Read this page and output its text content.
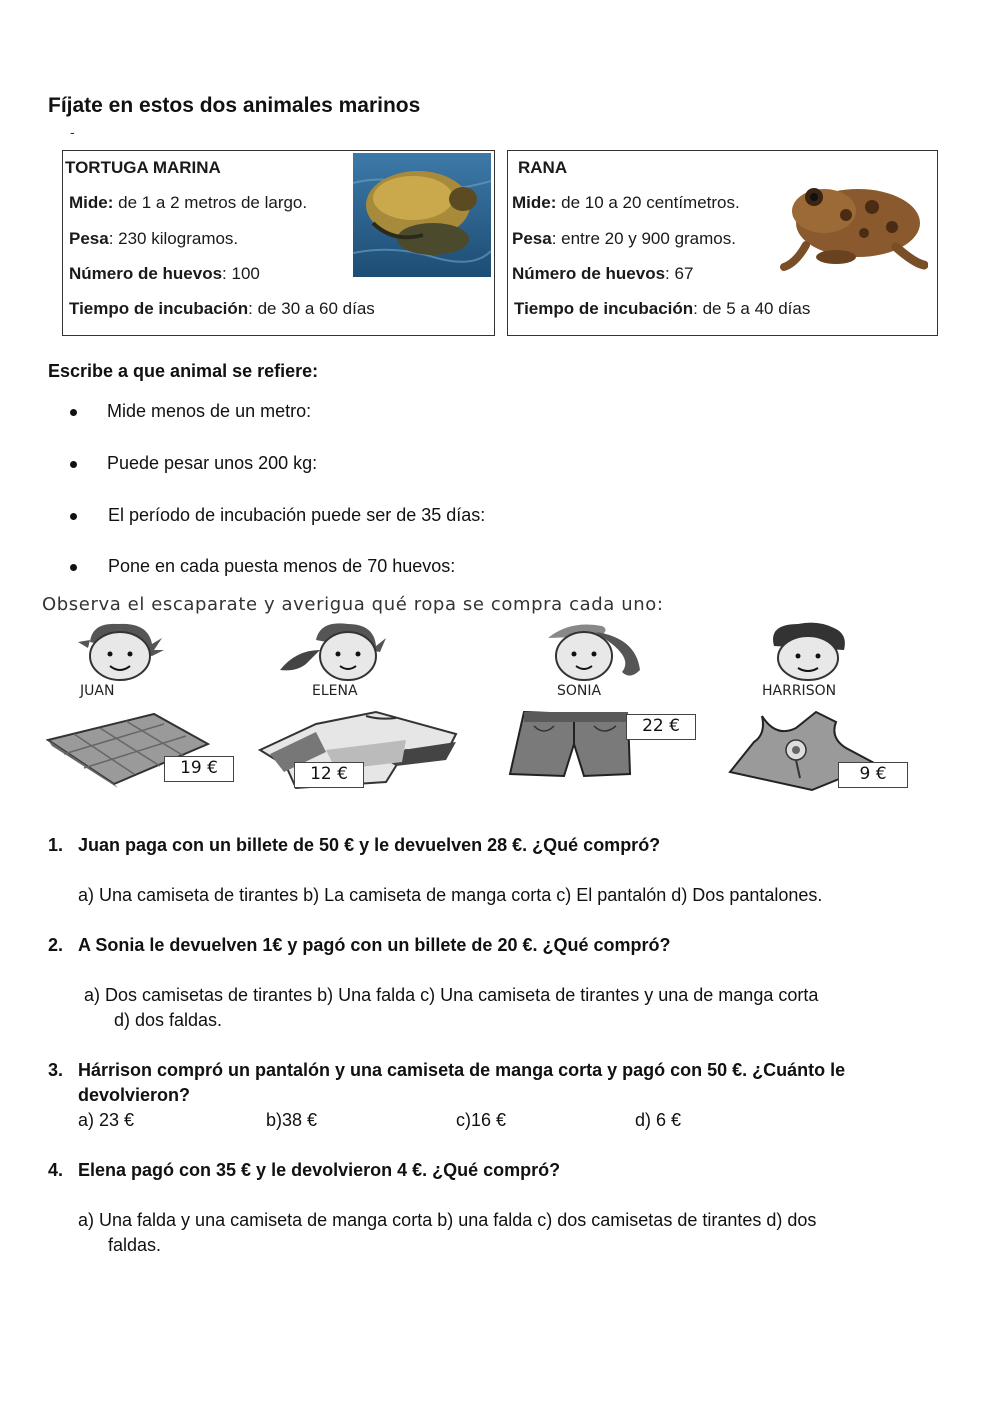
Fíjate en estos dos animales marinos
-
TORTUGA MARINA
Mide: de 1 a 2 metros de largo.
Pesa: 230 kilogramos.
Número de huevos: 100
Tiempo de incubación: de 30 a 60 días
RANA
Mide: de 10 a 20 centímetros.
Pesa: entre 20 y 900 gramos.
Número de huevos: 67
Tiempo de incubación: de 5 a 40 días
Escribe a que animal se refiere:
Mide menos de un metro:
Puede pesar unos 200 kg:
El período de incubación puede ser de 35 días:
Pone en cada puesta menos de 70 huevos:
Observa el escaparate y averigua qué ropa se compra cada uno:
JUAN	ELENA	SONIA	HARRISON
19 €	12 €
22 €
9 €
1. Juan paga con un billete de 50 € y le devuelven 28 €. ¿Qué compró?
a) Una camiseta de tirantes b) La camiseta de manga corta c) El pantalón d) Dos pantalones.
2. A Sonia le devuelven 1€ y pagó con un billete de 20 €. ¿Qué compró?
a) Dos camisetas de tirantes b) Una falda c) Una camiseta de tirantes y una de manga corta
d) dos faldas.
3. Hárrison compró un pantalón y una camiseta de manga corta y pagó con 50 €. ¿Cuánto le
devolvieron?
a) 23 €	b)38 €	c)16 €	d) 6 €
4. Elena pagó con 35 € y le devolvieron 4 €. ¿Qué compró?
a) Una falda y una camiseta de manga corta b) una falda c) dos camisetas de tirantes d) dos
faldas.
